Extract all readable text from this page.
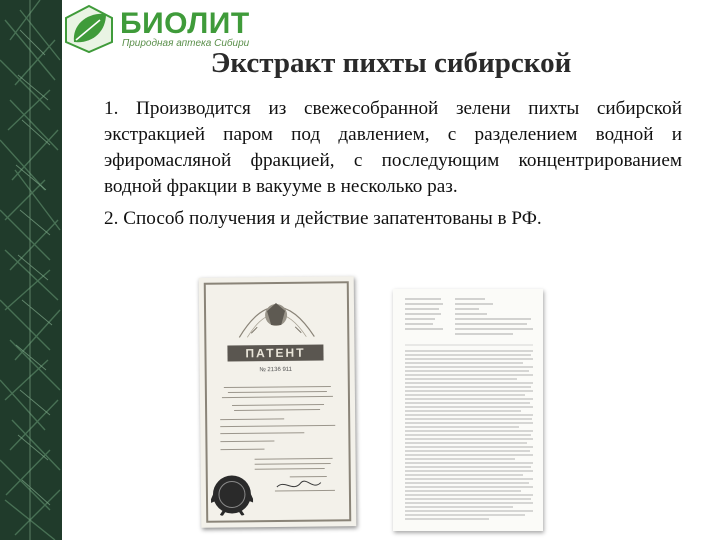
БИОЛИТ
Природная аптека Сибири
Экстракт пихты сибирской

1. Производится из свежесобранной зелени пихты сибирской экстракцией паром под давлением, с разделением водной и эфиромасляной фракцией, с последующим концентрированием водной фракции в вакууме в несколько раз.

2. Способ получения и действие запатентованы в РФ.

ПАТЕНТ
№ 2136 911
